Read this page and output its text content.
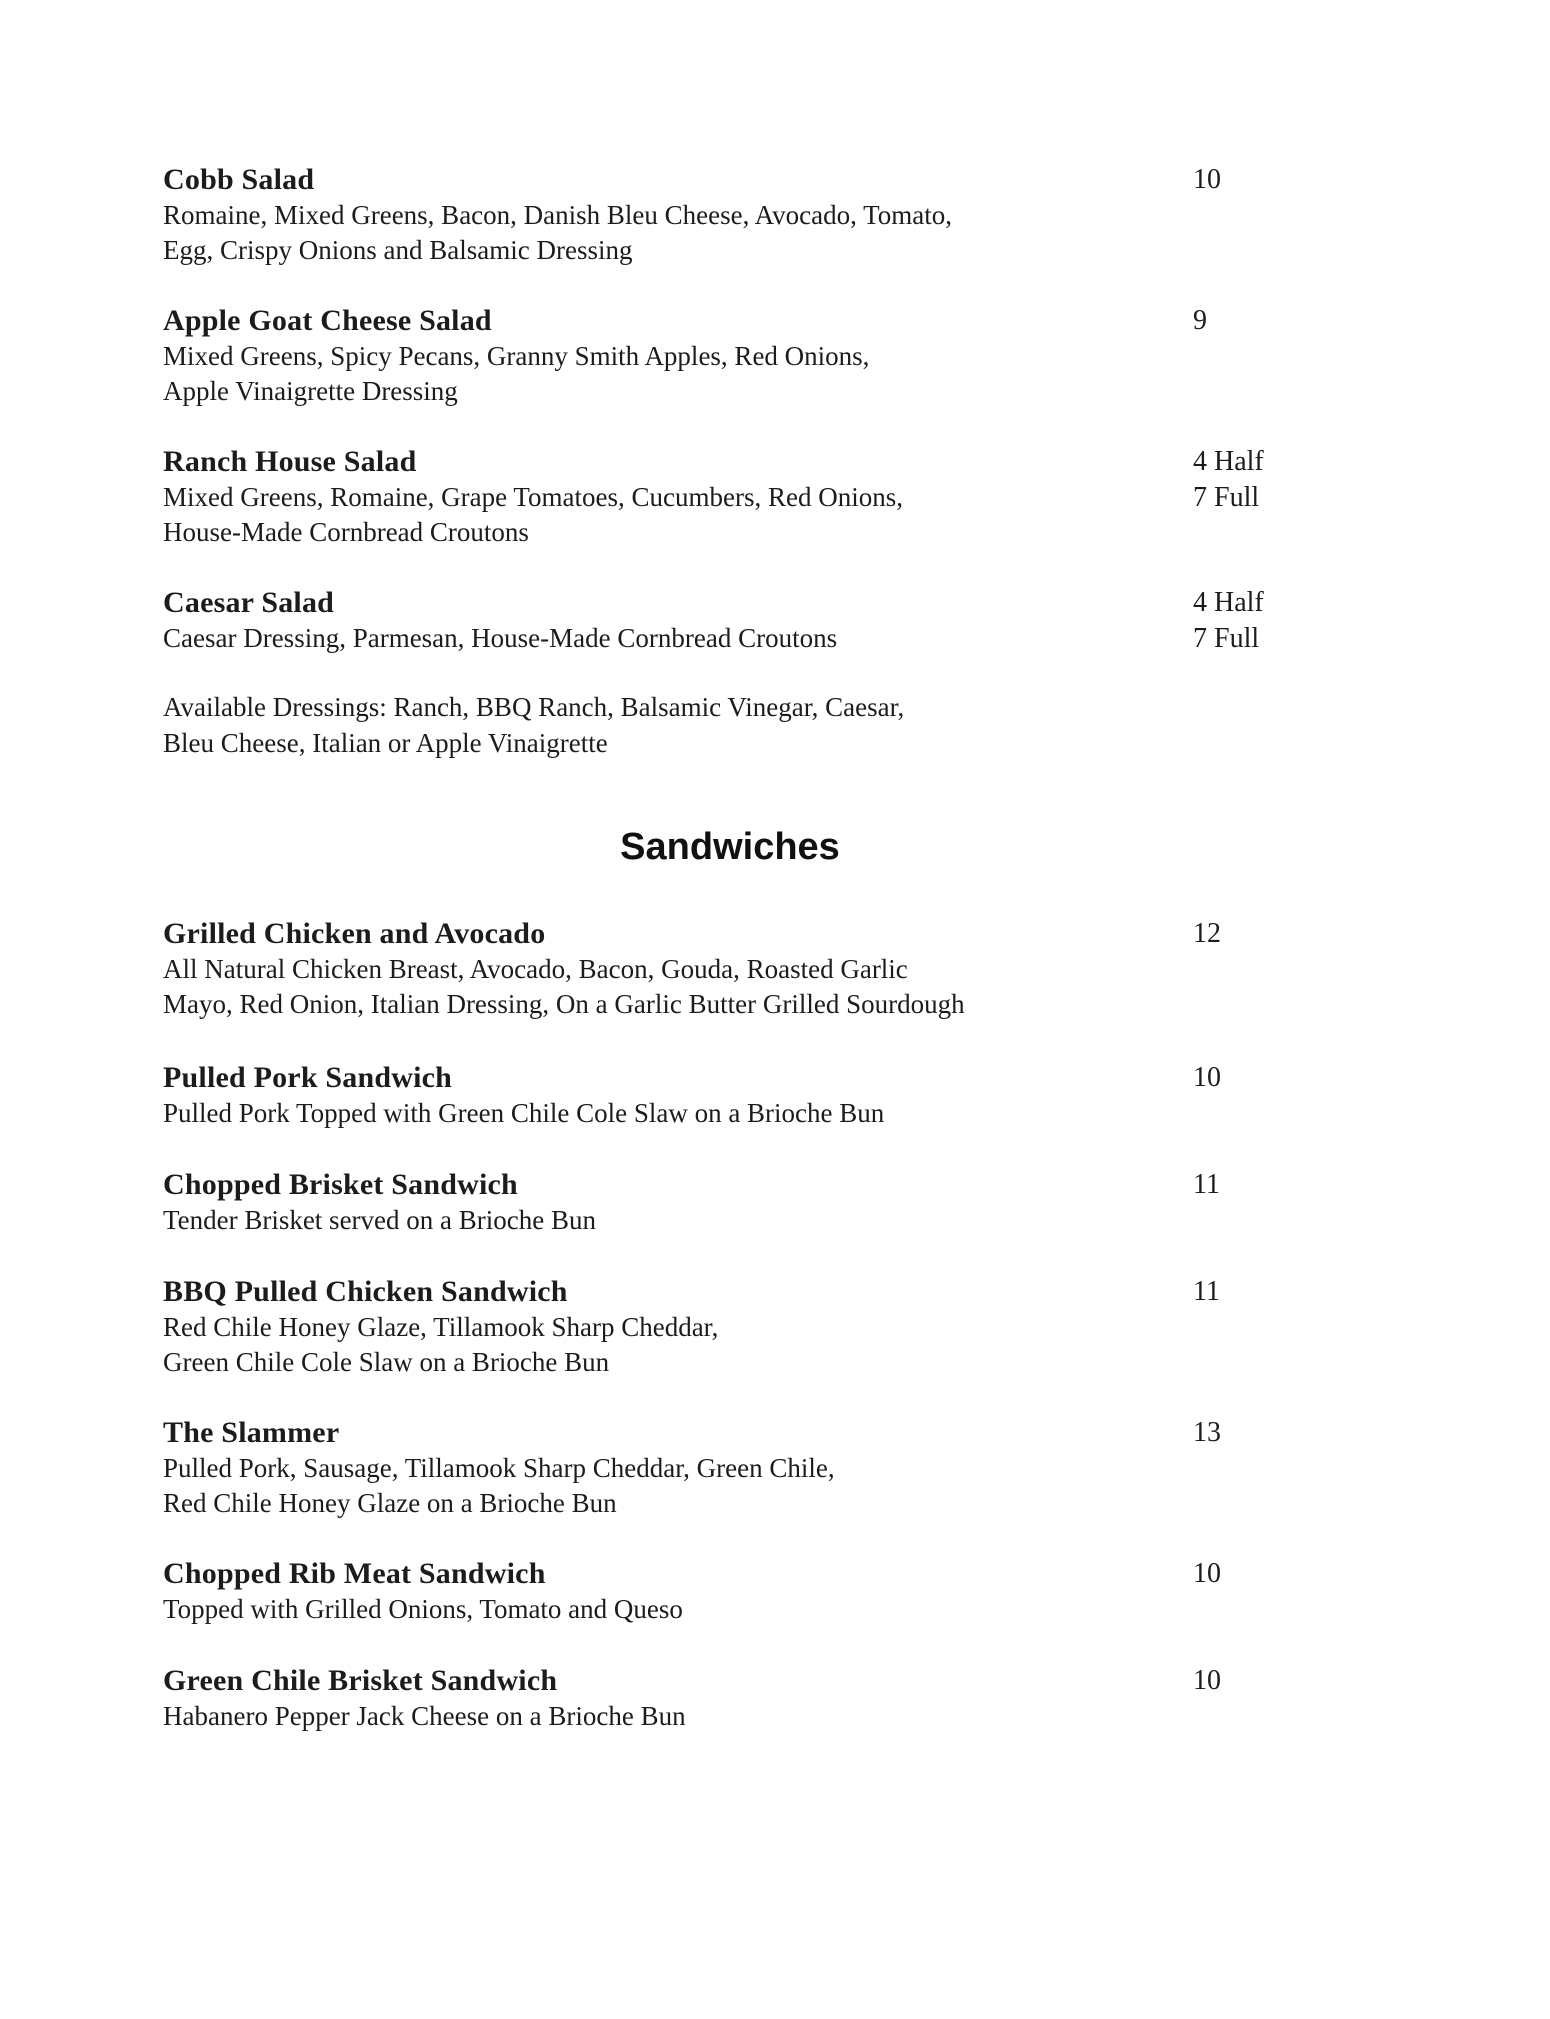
Cobb Salad
Romaine, Mixed Greens, Bacon, Danish Bleu Cheese, Avocado, Tomato,
Egg, Crispy Onions and Balsamic Dressing
10
Apple Goat Cheese Salad
Mixed Greens, Spicy Pecans, Granny Smith Apples, Red Onions,
Apple Vinaigrette Dressing
9
Ranch House Salad
Mixed Greens, Romaine, Grape Tomatoes, Cucumbers, Red Onions,
House-Made Cornbread Croutons
4 Half
7 Full
Caesar Salad
Caesar Dressing, Parmesan, House-Made Cornbread Croutons
4 Half
7 Full
Available Dressings: Ranch, BBQ Ranch, Balsamic Vinegar, Caesar,
Bleu Cheese, Italian or Apple Vinaigrette
Sandwiches
Grilled Chicken and Avocado
All Natural Chicken Breast, Avocado, Bacon, Gouda, Roasted Garlic
Mayo, Red Onion, Italian Dressing, On a Garlic Butter Grilled Sourdough
12
Pulled Pork Sandwich
Pulled Pork Topped with Green Chile Cole Slaw on a Brioche Bun
10
Chopped Brisket Sandwich
Tender Brisket served on a Brioche Bun
11
BBQ Pulled Chicken Sandwich
Red Chile Honey Glaze, Tillamook Sharp Cheddar,
Green Chile Cole Slaw on a Brioche Bun
11
The Slammer
Pulled Pork, Sausage, Tillamook Sharp Cheddar, Green Chile,
Red Chile Honey Glaze on a Brioche Bun
13
Chopped Rib Meat Sandwich
Topped with Grilled Onions, Tomato and Queso
10
Green Chile Brisket Sandwich
Habanero Pepper Jack Cheese on a Brioche Bun
10
